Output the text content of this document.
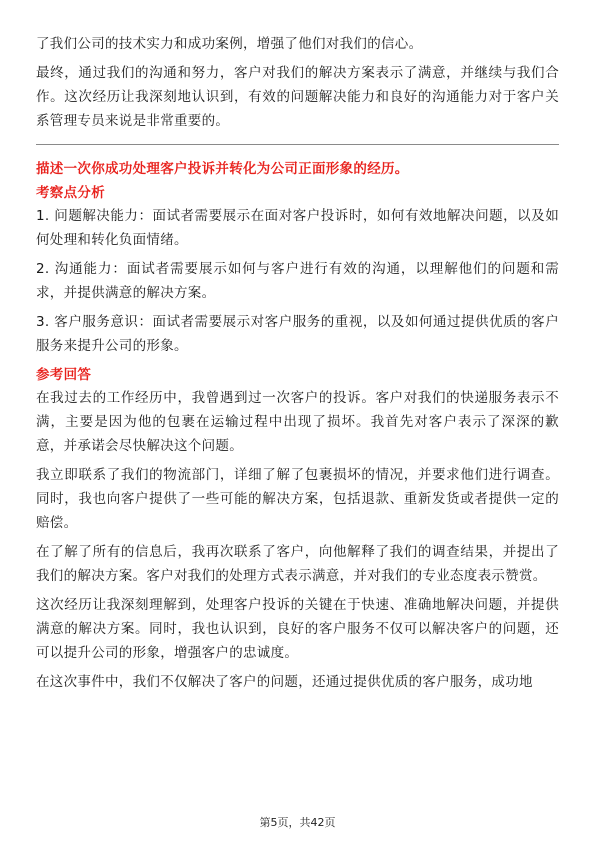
了我们公司的技术实力和成功案例，增强了他们对我们的信心。

最终，通过我们的沟通和努力，客户对我们的解决方案表示了满意，并继续与我们合作。这次经历让我深刻地认识到，有效的问题解决能力和良好的沟通能力对于客户关系管理专员来说是非常重要的。

描述一次你成功处理客户投诉并转化为公司正面形象的经历。

考察点分析

1. 问题解决能力：面试者需要展示在面对客户投诉时，如何有效地解决问题，以及如何处理和转化负面情绪。

2. 沟通能力：面试者需要展示如何与客户进行有效的沟通，以理解他们的问题和需求，并提供满意的解决方案。

3. 客户服务意识：面试者需要展示对客户服务的重视，以及如何通过提供优质的客户服务来提升公司的形象。

参考回答

在我过去的工作经历中，我曾遇到过一次客户的投诉。客户对我们的快递服务表示不满，主要是因为他的包裹在运输过程中出现了损坏。我首先对客户表示了深深的歉意，并承诺会尽快解决这个问题。

我立即联系了我们的物流部门，详细了解了包裹损坏的情况，并要求他们进行调查。同时，我也向客户提供了一些可能的解决方案，包括退款、重新发货或者提供一定的赔偿。

在了解了所有的信息后，我再次联系了客户，向他解释了我们的调查结果，并提出了我们的解决方案。客户对我们的处理方式表示满意，并对我们的专业态度表示赞赏。

这次经历让我深刻理解到，处理客户投诉的关键在于快速、准确地解决问题，并提供满意的解决方案。同时，我也认识到，良好的客户服务不仅可以解决客户的问题，还可以提升公司的形象，增强客户的忠诚度。

在这次事件中，我们不仅解决了客户的问题，还通过提供优质的客户服务，成功地

第5页，共42页
